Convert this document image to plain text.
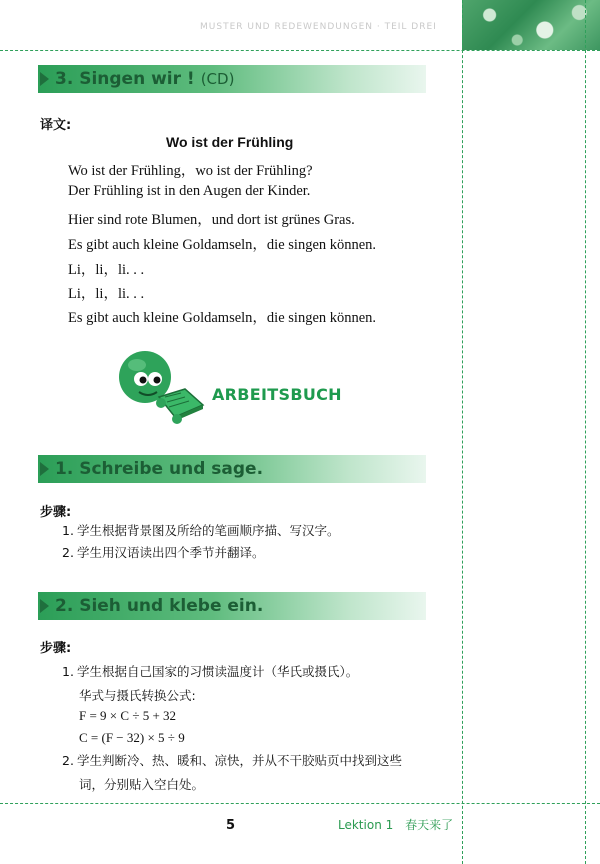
MUSTER UND REDEWENDUNGEN · TEIL DREI
3. Singen wir ! (CD)
译文:
Wo ist der Frühling
Wo ist der Frühling，wo ist der Frühling?
Der Frühling ist in den Augen der Kinder.
Hier sind rote Blumen，und dort ist grünes Gras.
Es gibt auch kleine Goldamseln，die singen können.
Li，li，li. . .
Li，li，li. . .
Es gibt auch kleine Goldamseln，die singen können.
ARBEITSBUCH
1. Schreibe und sage.
步骤:
1. 学生根据背景图及所给的笔画顺序描、写汉字。
2. 学生用汉语读出四个季节并翻译。
2. Sieh und klebe ein.
步骤:
1. 学生根据自己国家的习惯读温度计（华氏或摄氏）。
华式与摄氏转换公式:
F = 9 × C ÷ 5 + 32
C = (F − 32) × 5 ÷ 9
2. 学生判断冷、热、暖和、凉快，并从不干胶贴页中找到这些
词，分别贴入空白处。
5	Lektion 1 春天来了
